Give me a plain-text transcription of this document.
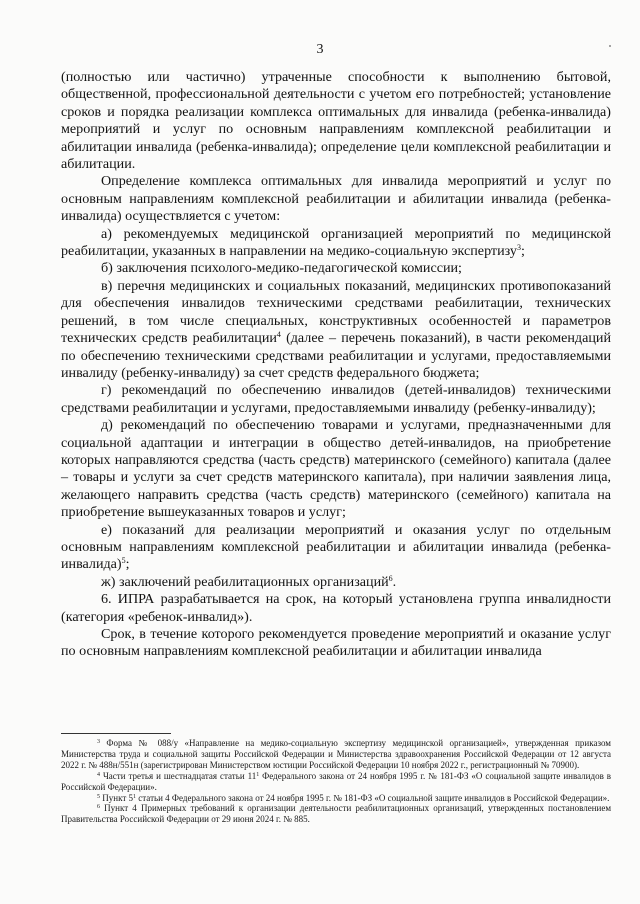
3

(полностью или частично) утраченные способности к выполнению бытовой, общественной, профессиональной деятельности с учетом его потребностей; установление сроков и порядка реализации комплекса оптимальных для инвалида (ребенка-инвалида) мероприятий и услуг по основным направлениям комплексной реабилитации и абилитации инвалида (ребенка-инвалида); определение цели комплексной реабилитации и абилитации.

Определение комплекса оптимальных для инвалида мероприятий и услуг по основным направлениям комплексной реабилитации и абилитации инвалида (ребенка-инвалида) осуществляется с учетом:

а) рекомендуемых медицинской организацией мероприятий по медицинской реабилитации, указанных в направлении на медико-социальную экспертизу$^3$;

б) заключения психолого-медико-педагогической комиссии;

в) перечня медицинских и социальных показаний, медицинских противопоказаний для обеспечения инвалидов техническими средствами реабилитации, технических решений, в том числе специальных, конструктивных особенностей и параметров технических средств реабилитации$^4$ (далее – перечень показаний), в части рекомендаций по обеспечению техническими средствами реабилитации и услугами, предоставляемыми инвалиду (ребенку-инвалиду) за счет средств федерального бюджета;

г) рекомендаций по обеспечению инвалидов (детей-инвалидов) техническими средствами реабилитации и услугами, предоставляемыми инвалиду (ребенку-инвалиду);

д) рекомендаций по обеспечению товарами и услугами, предназначенными для социальной адаптации и интеграции в общество детей-инвалидов, на приобретение которых направляются средства (часть средств) материнского (семейного) капитала (далее – товары и услуги за счет средств материнского капитала), при наличии заявления лица, желающего направить средства (часть средств) материнского (семейного) капитала на приобретение вышеуказанных товаров и услуг;

е) показаний для реализации мероприятий и оказания услуг по отдельным основным направлениям комплексной реабилитации и абилитации инвалида (ребенка-инвалида)$^5$;

ж) заключений реабилитационных организаций$^6$.

6. ИПРА разрабатывается на срок, на который установлена группа инвалидности (категория «ребенок-инвалид»).

Срок, в течение которого рекомендуется проведение мероприятий и оказание услуг по основным направлениям комплексной реабилитации и абилитации инвалида

$^3$ Форма № 088/у «Направление на медико-социальную экспертизу медицинской организацией», утвержденная приказом Министерства труда и социальной защиты Российской Федерации и Министерства здравоохранения Российской Федерации от 12 августа 2022 г. № 488н/551н (зарегистрирован Министерством юстиции Российской Федерации 10 ноября 2022 г., регистрационный № 70900).

$^4$ Части третья и шестнадцатая статьи $11^1$ Федерального закона от 24 ноября 1995 г. № 181-ФЗ «О социальной защите инвалидов в Российской Федерации».

$^5$ Пункт $5^1$ статьи 4 Федерального закона от 24 ноября 1995 г. № 181-ФЗ «О социальной защите инвалидов в Российской Федерации».

$^6$ Пункт 4 Примерных требований к организации деятельности реабилитационных организаций, утвержденных постановлением Правительства Российской Федерации от 29 июня 2024 г. № 885.
